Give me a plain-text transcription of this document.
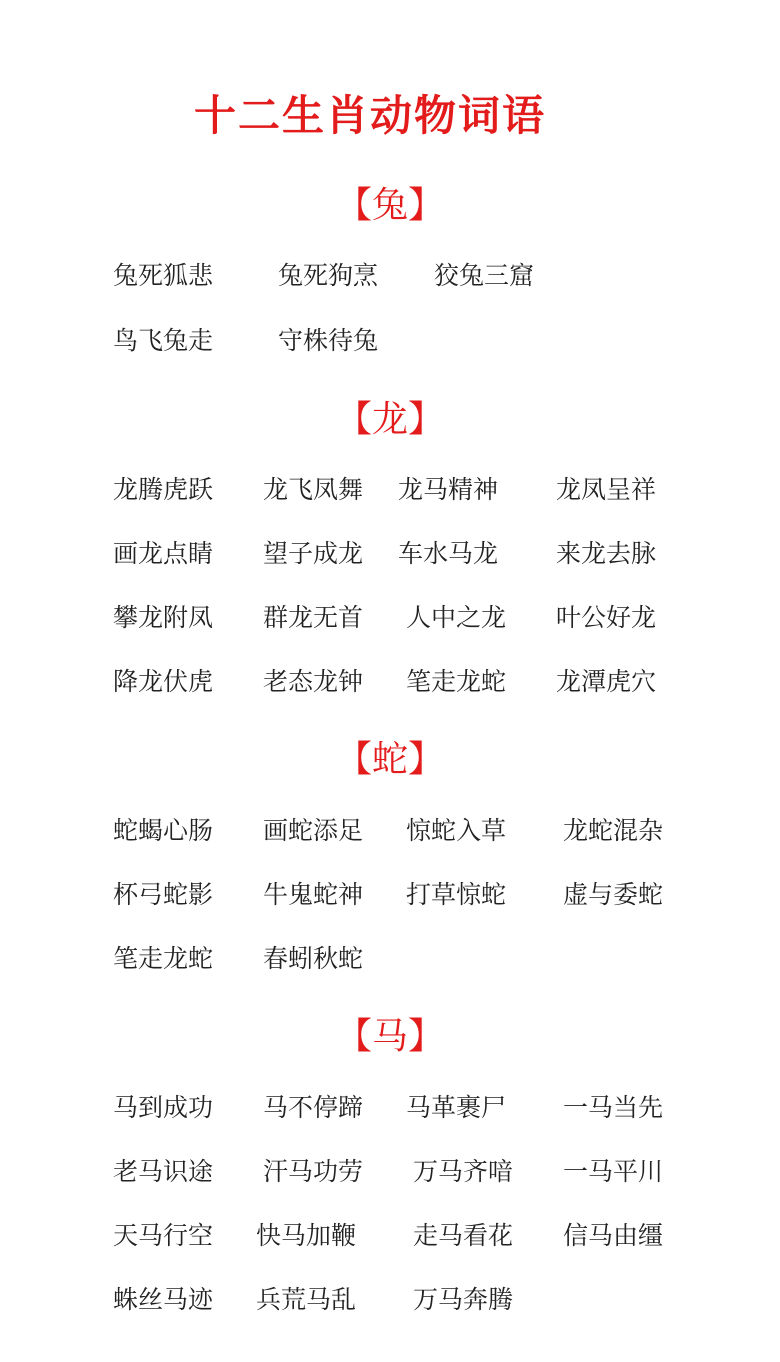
十二生肖动物词语
【兔】
兔死狐悲	兔死狗烹 狡兔三窟
鸟飞兔走	守株待兔
【龙】
龙腾虎跃 龙飞凤舞 龙马精神 龙凤呈祥
画龙点睛 望子成龙 车水马龙 来龙去脉
攀龙附凤 群龙无首 人中之龙 叶公好龙
降龙伏虎 老态龙钟 笔走龙蛇 龙潭虎穴
【蛇】
蛇蝎心肠 画蛇添足 惊蛇入草 龙蛇混杂
杯弓蛇影 牛鬼蛇神 打草惊蛇 虚与委蛇
笔走龙蛇 春蚓秋蛇
【马】
马到成功 马不停蹄 马革裹尸 一马当先
老马识途 汗马功劳 万马齐喑 一马平川
天马行空 快马加鞭 走马看花 信马由缰
蛛丝马迹 兵荒马乱 万马奔腾
